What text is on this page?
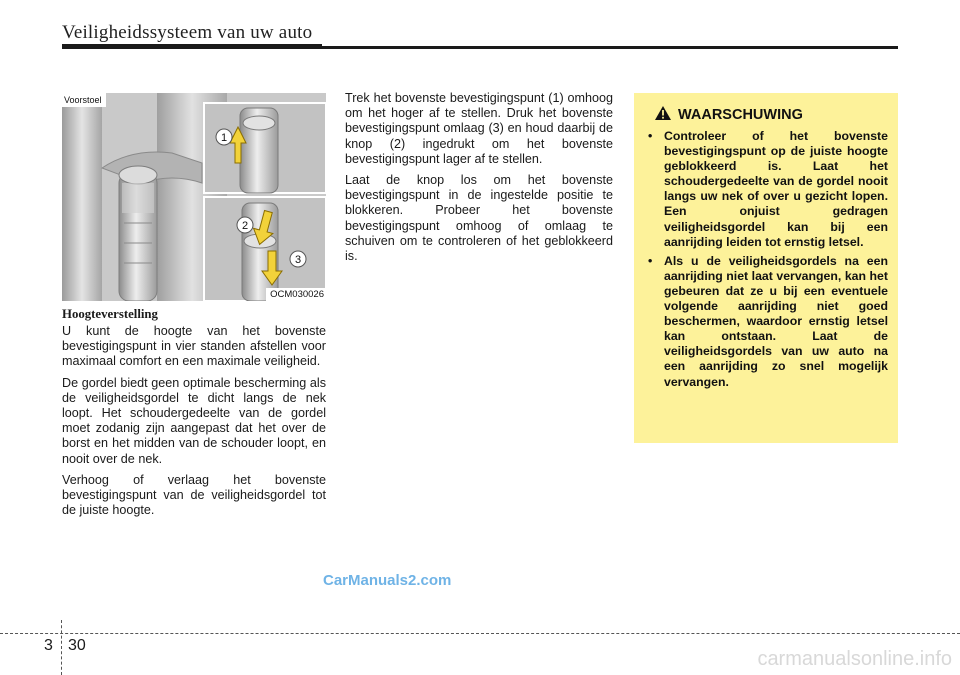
Veiligheidssysteem van uw auto
1
2
3
Voorstoel
OCM030026
Hoogteverstelling

U kunt de hoogte van het bovenste bevestigingspunt in vier standen afstellen voor maximaal comfort en een maximale veiligheid.

De gordel biedt geen optimale bescherming als de veiligheidsgordel te dicht langs de nek loopt. Het schoudergedeelte van de gordel moet zodanig zijn aangepast dat het over de borst en het midden van de schouder loopt, en nooit over de nek.

Verhoog of verlaag het bovenste bevestigingspunt van de veiligheidsgordel tot de juiste hoogte.

Trek het bovenste bevestigingspunt (1) omhoog om het hoger af te stellen. Druk het bovenste bevestigingspunt omlaag (3) en houd daarbij de knop (2) ingedrukt om het bovenste bevestigingspunt lager af te stellen.

Laat de knop los om het bovenste bevestigingspunt in de ingestelde positie te blokkeren. Probeer het bovenste bevestigingspunt omhoog of omlaag te schuiven om te controleren of het geblokkeerd is.

WAARSCHUWING
• Controleer of het bovenste bevestigingspunt op de juiste hoogte geblokkeerd is. Laat het schoudergedeelte van de gordel nooit langs uw nek of over u gezicht lopen. Een onjuist gedragen veiligheidsgordel kan bij een aanrijding leiden tot ernstig letsel.
• Als u de veiligheidsgordels na een aanrijding niet laat vervangen, kan het gebeuren dat ze u bij een eventuele volgende aanrijding niet goed beschermen, waardoor ernstig letsel kan ontstaan. Laat de veiligheidsgordels van uw auto na een aanrijding zo snel mogelijk vervangen.
CarManuals2.com
3 30
carmanualsonline.info
